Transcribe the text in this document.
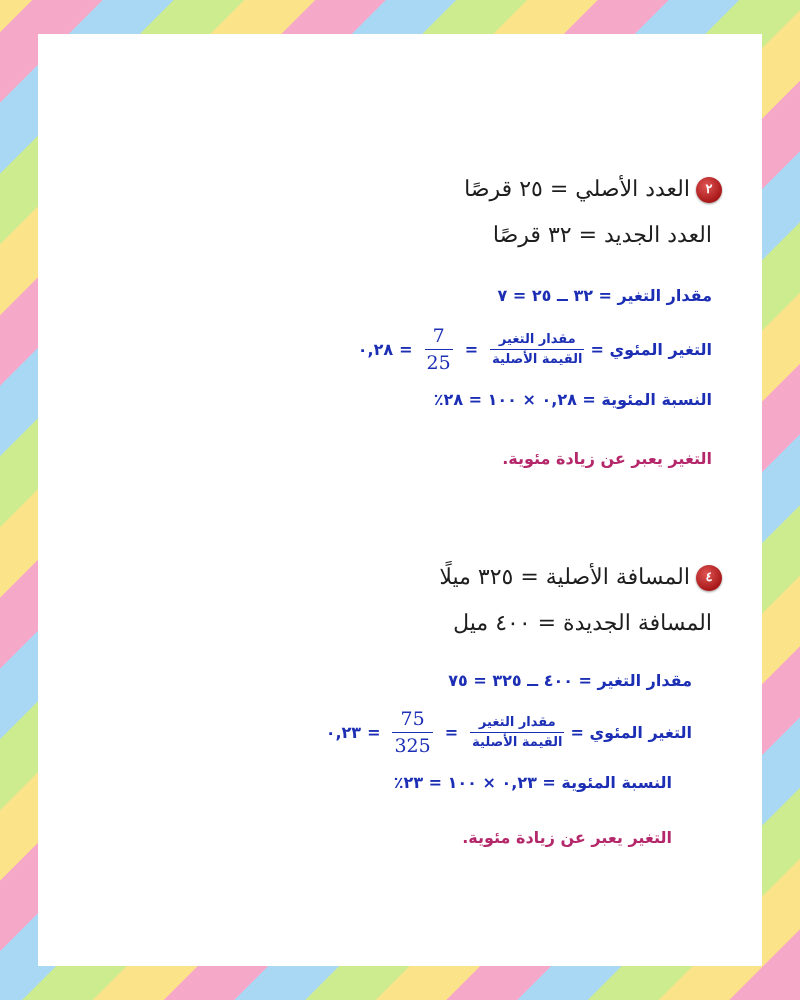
٢
العدد الأصلي = ٢٥ قرصًا
العدد الجديد = ٣٢ قرصًا
مقدار التغير = ٣٢ ــ ٢٥ = ٧
التغير المئوي =
$\frac{\text{مقدار التغير}}{\text{القيمة الأصلية}}$
=
$\frac{7}{25}$
=
٠,٢٨
النسبة المئوية = ٠,٢٨ × ١٠٠ = ٢٨٪
التغير يعبر عن زيادة مئوية.
٤
المسافة الأصلية = ٣٢٥ ميلًا
المسافة الجديدة = ٤٠٠ ميل
مقدار التغير = ٤٠٠ ــ ٣٢٥ = ٧٥
التغير المئوي =
$\frac{\text{مقدار التغير}}{\text{القيمة الأصلية}}$
=
$\frac{75}{325}$
=
٠,٢٣
النسبة المئوية = ٠,٢٣ × ١٠٠ = ٢٣٪
التغير يعبر عن زيادة مئوية.
